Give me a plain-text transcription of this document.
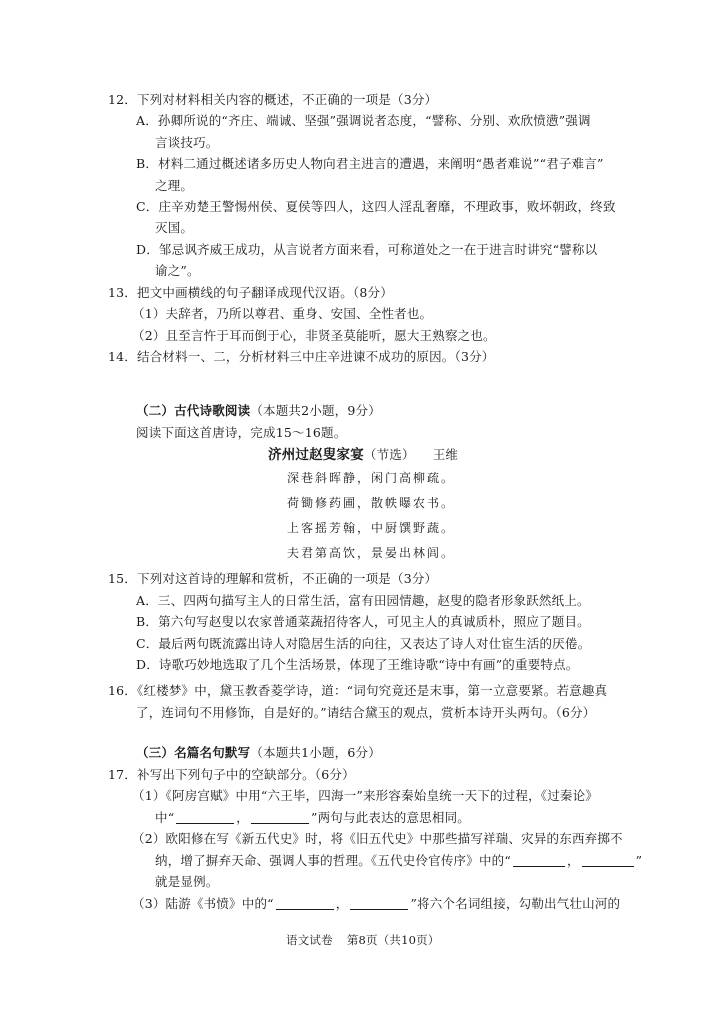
12．下列对材料相关内容的概述，不正确的一项是（3分）
A．孙卿所说的“齐庄、端诚、坚强”强调说者态度，“譬称、分别、欢欣愤懑”强调
言谈技巧。
B．材料二通过概述诸多历史人物向君主进言的遭遇，来阐明“愚者难说”“君子难言”
之理。
C．庄辛劝楚王警惕州侯、夏侯等四人，这四人淫乱奢靡，不理政事，败坏朝政，终致
灭国。
D．邹忌讽齐威王成功，从言说者方面来看，可称道处之一在于进言时讲究“譬称以
谕之”。
13．把文中画横线的句子翻译成现代汉语。（8分）
（1）夫辞者，乃所以尊君、重身、安国、全性者也。
（2）且至言忤于耳而倒于心，非贤圣莫能听，愿大王熟察之也。
14．结合材料一、二，分析材料三中庄辛进谏不成功的原因。（3分）
（二）古代诗歌阅读（本题共2小题，9分）
阅读下面这首唐诗，完成15～16题。
济州过赵叟家宴（节选） 王维
深巷斜晖静，闲门高柳疏。
荷锄修药圃，散帙曝农书。
上客摇芳翰，中厨馔野蔬。
夫君第高饮，景晏出林闾。
15．下列对这首诗的理解和赏析，不正确的一项是（3分）
A．三、四两句描写主人的日常生活，富有田园情趣，赵叟的隐者形象跃然纸上。
B．第六句写赵叟以农家普通菜蔬招待客人，可见主人的真诚质朴，照应了题目。
C．最后两句既流露出诗人对隐居生活的向往，又表达了诗人对仕宦生活的厌倦。
D．诗歌巧妙地选取了几个生活场景，体现了王维诗歌“诗中有画”的重要特点。
16．《红楼梦》中，黛玉教香菱学诗，道：“词句究竟还是末事，第一立意要紧。若意趣真
了，连词句不用修饰，自是好的。”请结合黛玉的观点，赏析本诗开头两句。（6分）
（三）名篇名句默写（本题共1小题，6分）
17．补写出下列句子中的空缺部分。（6分）
（1）《阿房宫赋》中用“六王毕，四海一”来形容秦始皇统一天下的过程，《过秦论》
中“	，	”两句与此表达的意思相同。
（2）欧阳修在写《新五代史》时，将《旧五代史》中那些描写祥瑞、灾异的东西弃掷不
纳，增了摒弃天命、强调人事的哲理。《五代史伶官传序》中的“	，	”
就是显例。
（3）陆游《书愤》中的“	，	”将六个名词组接，勾勒出气壮山河的
语文试卷 第8页（共10页）
